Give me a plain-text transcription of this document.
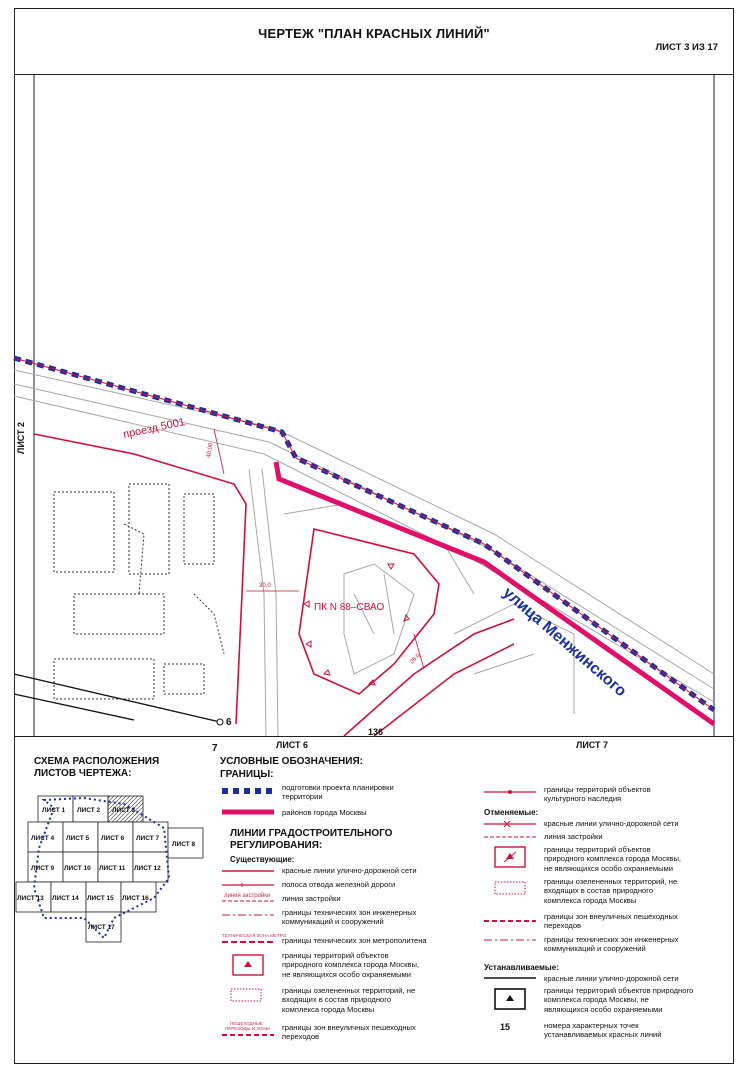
ЧЕРТЕЖ "ПЛАН КРАСНЫХ ЛИНИЙ"
ЛИСТ 3 ИЗ 17
проезд 5001
улица Менжинского
ПК N 88–СВАО
30.0
40.00
28.0
6
ЛИСТ 2
7
136
ЛИСТ 6	ЛИСТ 7
СХЕМА РАСПОЛОЖЕНИЯ
ЛИСТОВ ЧЕРТЕЖА:
ЛИСТ 1 ЛИСТ 2 ЛИСТ 3
ЛИСТ 4 ЛИСТ 5 ЛИСТ 6 ЛИСТ 7
ЛИСТ 8
ЛИСТ 9 ЛИСТ 10 ЛИСТ 11 ЛИСТ 12
ЛИСТ 13 ЛИСТ 14 ЛИСТ 15 ЛИСТ 16
ЛИСТ 17
УСЛОВНЫЕ ОБОЗНАЧЕНИЯ:
ГРАНИЦЫ:
подготовки проекта планировки
территории
районов города Москвы
ЛИНИИ ГРАДОСТРОИТЕЛЬНОГО
РЕГУЛИРОВАНИЯ:
Существующие:
красные линии улично-дорожной сети
полоса отвода железной дороги
линия застройки линия застройки
границы технических зон инженерных
коммуникаций и сооружений
ТЕХНИЧЕСКАЯ ЗОНА МЕТРО
границы технических зон метрополитена
границы территорий объектов
природного комплекса города Москвы,
не являющихся особо охраняемыми
границы озелененных территорий, не
входящих в состав природного
комплекса города Москвы
ПЕШЕХОДНЫЕ
ПЕРЕХОДЫ И ЗОНЫ границы зон внеуличных пешеходных
переходов
границы территорий объектов
культурного наследия
Отменяемые:
красные линии улично-дорожной сети
линия застройки
границы территорий объектов
природного комплекса города Москвы,
не являющихся особо охраняемыми
границы озелененных территорий, не
входящих в состав природного
комплекса города Москвы
границы зон внеуличных пешеходных
переходов
границы технических зон инженерных
коммуникаций и сооружений
Устанавливаемые:
красные линии улично-дорожной сети
границы территорий объектов природного
комплекса города Москвы, не
являющихся особо охраняемыми
15	номера характерных точек
устанавливаемых красных линий
